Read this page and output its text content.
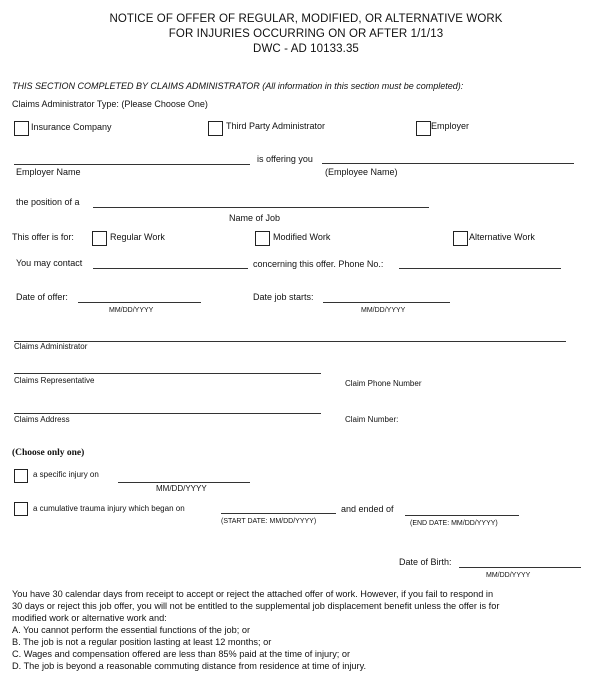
NOTICE OF OFFER OF REGULAR, MODIFIED, OR ALTERNATIVE WORK
FOR INJURIES OCCURRING ON OR AFTER 1/1/13
DWC - AD 10133.35
THIS SECTION COMPLETED BY CLAIMS ADMINISTRATOR (All information in this section must be completed):
Claims Administrator Type: (Please Choose One)
Insurance Company	Third Party Administrator	Employer
is offering you
Employer Name	(Employee Name)
the position of a
Name of Job
This offer is for:	Regular Work	Modified Work	Alternative Work
You may contact	concerning this offer. Phone No.:
Date of offer:
MM/DD/YYYY
Date job starts:
MM/DD/YYYY
Claims Administrator
Claims Representative	Claim Phone Number
Claims Address	Claim Number:
(Choose only one)
a specific injury on
MM/DD/YYYY
a cumulative trauma injury which began on
(START DATE: MM/DD/YYYY)
and ended of
(END DATE: MM/DD/YYYY)
Date of Birth:
MM/DD/YYYY
You have 30 calendar days from receipt to accept or reject the attached offer of work. However, if you fail to respond in
30 days or reject this job offer, you will not be entitled to the supplemental job displacement benefit unless the offer is for
modified work or alternative work and:
A. You cannot perform the essential functions of the job; or
B. The job is not a regular position lasting at least 12 months; or
C. Wages and compensation offered are less than 85% paid at the time of injury; or
D. The job is beyond a reasonable commuting distance from residence at time of injury.
